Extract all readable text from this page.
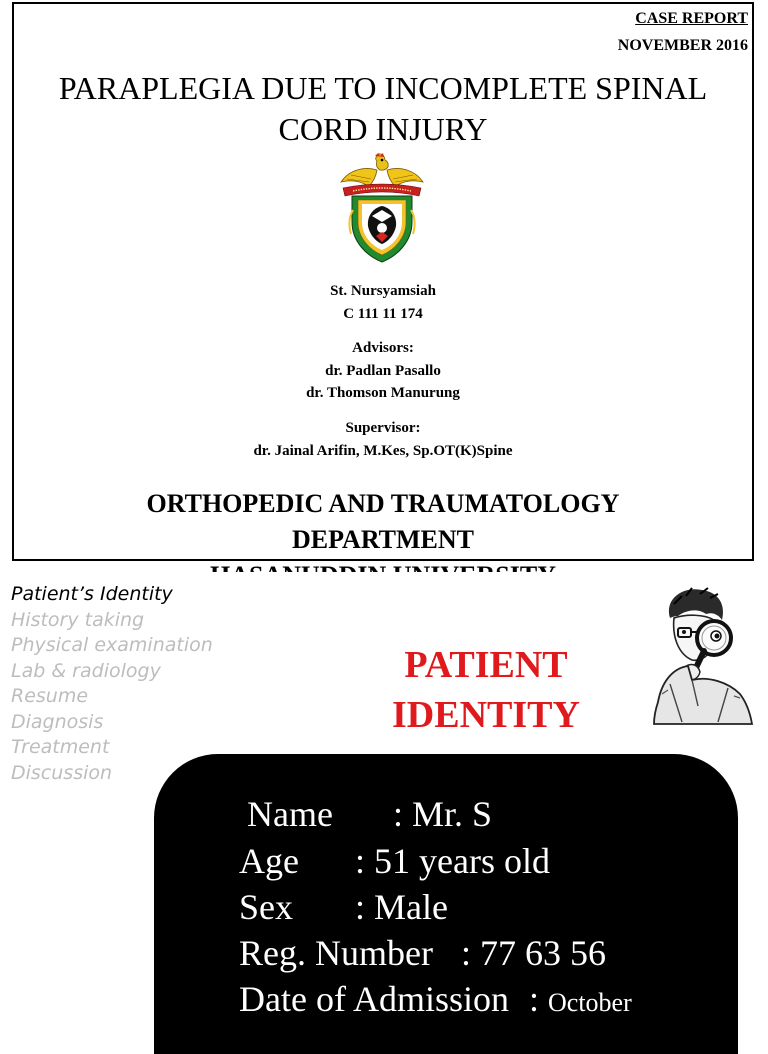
CASE REPORT
NOVEMBER 2016
PARAPLEGIA DUE TO INCOMPLETE SPINAL
CORD INJURY
St. Nursyamsiah
C 111 11 174
Advisors:
dr. Padlan Pasallo
dr. Thomson Manurung
Supervisor:
dr. Jainal Arifin, M.Kes, Sp.OT(K)Spine
ORTHOPEDIC AND TRAUMATOLOGY
DEPARTMENT
Patient’s Identity
History taking
Physical examination
Lab & radiology
Resume
Diagnosis
Treatment
Discussion
PATIENT
IDENTITY
Name : Mr. S
Age : 51 years old
Sex : Male
Reg. Number : 77 63 56
Date of Admission : October
